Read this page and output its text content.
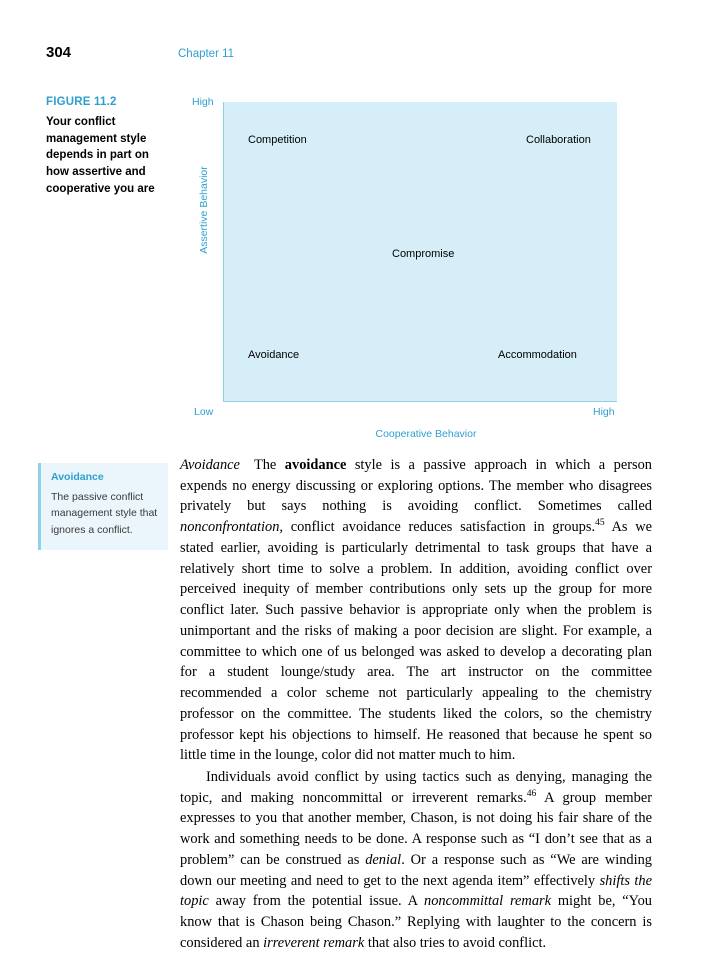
304	Chapter 11
FIGURE 11.2
Your conflict management style depends in part on how assertive and cooperative you are
High
Low	High
Assertive Behavior
Cooperative Behavior
Competition	Collaboration
Compromise
Avoidance	Accommodation
Avoidance
The passive conflict management style that ignores a conflict.

Avoidance The avoidance style is a passive approach in which a person expends no energy discussing or exploring options. The member who disagrees privately but says nothing is avoiding conflict. Sometimes called nonconfrontation, conflict avoidance reduces satisfaction in groups.$^{45}$ As we stated earlier, avoiding is particularly detrimental to task groups that have a relatively short time to solve a problem. In addition, avoiding conflict over perceived inequity of member contributions only sets up the group for more conflict later. Such passive behavior is appropriate only when the problem is unimportant and the risks of making a poor decision are slight. For example, a committee to which one of us belonged was asked to develop a decorating plan for a student lounge/study area. The art instructor on the committee recommended a color scheme not particularly appealing to the chemistry professor on the committee. The students liked the colors, so the chemistry professor kept his objections to himself. He reasoned that because he spent so little time in the lounge, color did not matter much to him.

Individuals avoid conflict by using tactics such as denying, managing the topic, and making noncommittal or irreverent remarks.$^{46}$ A group member expresses to you that another member, Chason, is not doing his fair share of the work and something needs to be done. A response such as “I don’t see that as a problem” can be construed as denial. Or a response such as “We are winding down our meeting and need to get to the next agenda item” effectively shifts the topic away from the potential issue. A noncommittal remark might be, “You know that is Chason being Chason.” Replying with laughter to the concern is considered an irreverent remark that also tries to avoid conflict.
